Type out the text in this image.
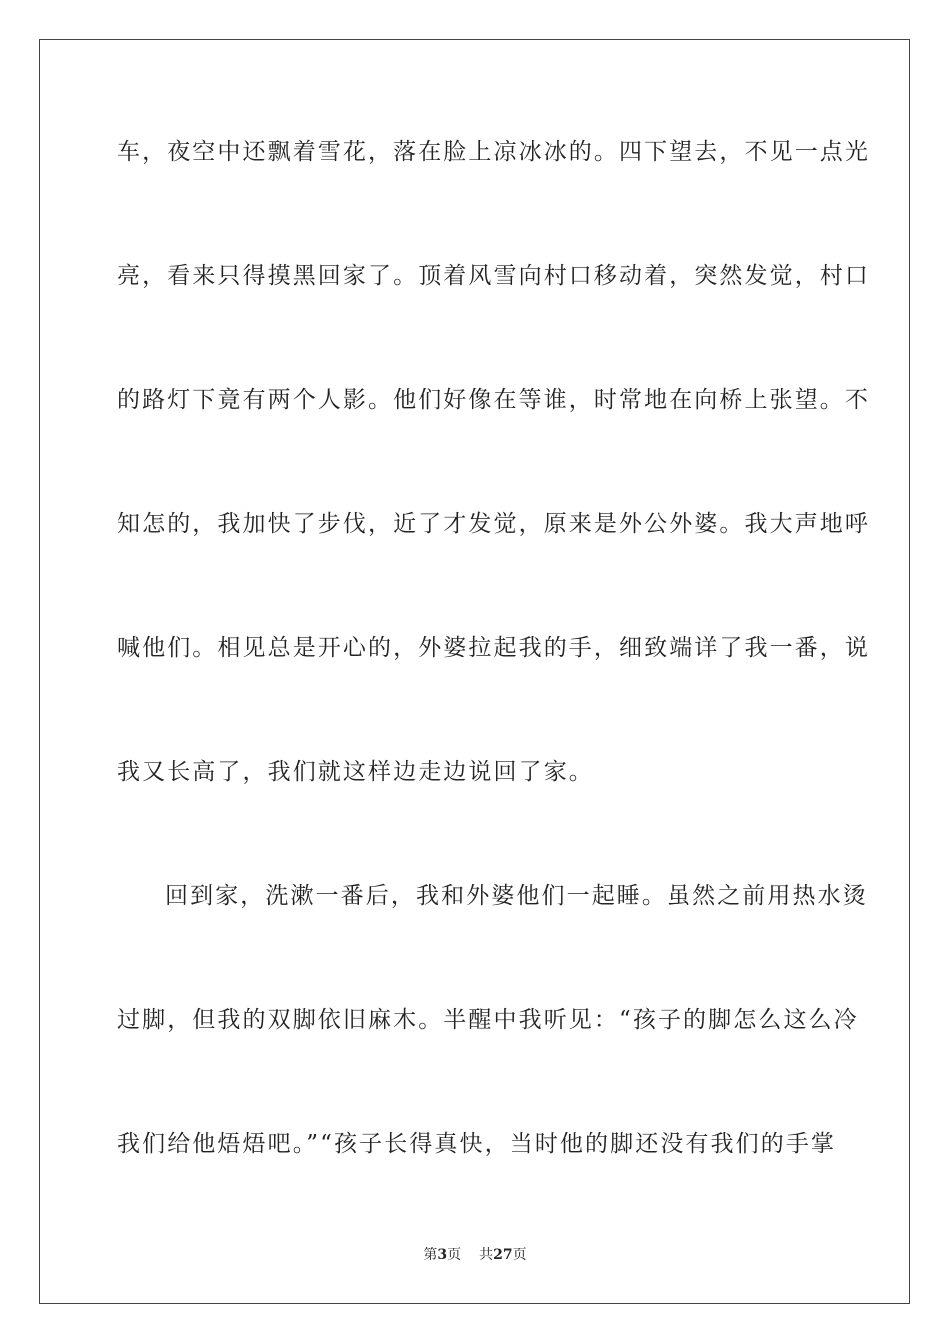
车，夜空中还飘着雪花，落在脸上凉冰冰的。四下望去，不见一点光
亮，看来只得摸黑回家了。顶着风雪向村口移动着，突然发觉，村口
的路灯下竟有两个人影。他们好像在等谁，时常地在向桥上张望。不
知怎的，我加快了步伐，近了才发觉，原来是外公外婆。我大声地呼
喊他们。相见总是开心的，外婆拉起我的手，细致端详了我一番，说
我又长高了，我们就这样边走边说回了家。
回到家，洗漱一番后，我和外婆他们一起睡。虽然之前用热水烫
过脚，但我的双脚依旧麻木。半醒中我听见：“孩子的脚怎么这么冷
我们给他焐焐吧。”“孩子长得真快，当时他的脚还没有我们的手掌
第3页 共27页
